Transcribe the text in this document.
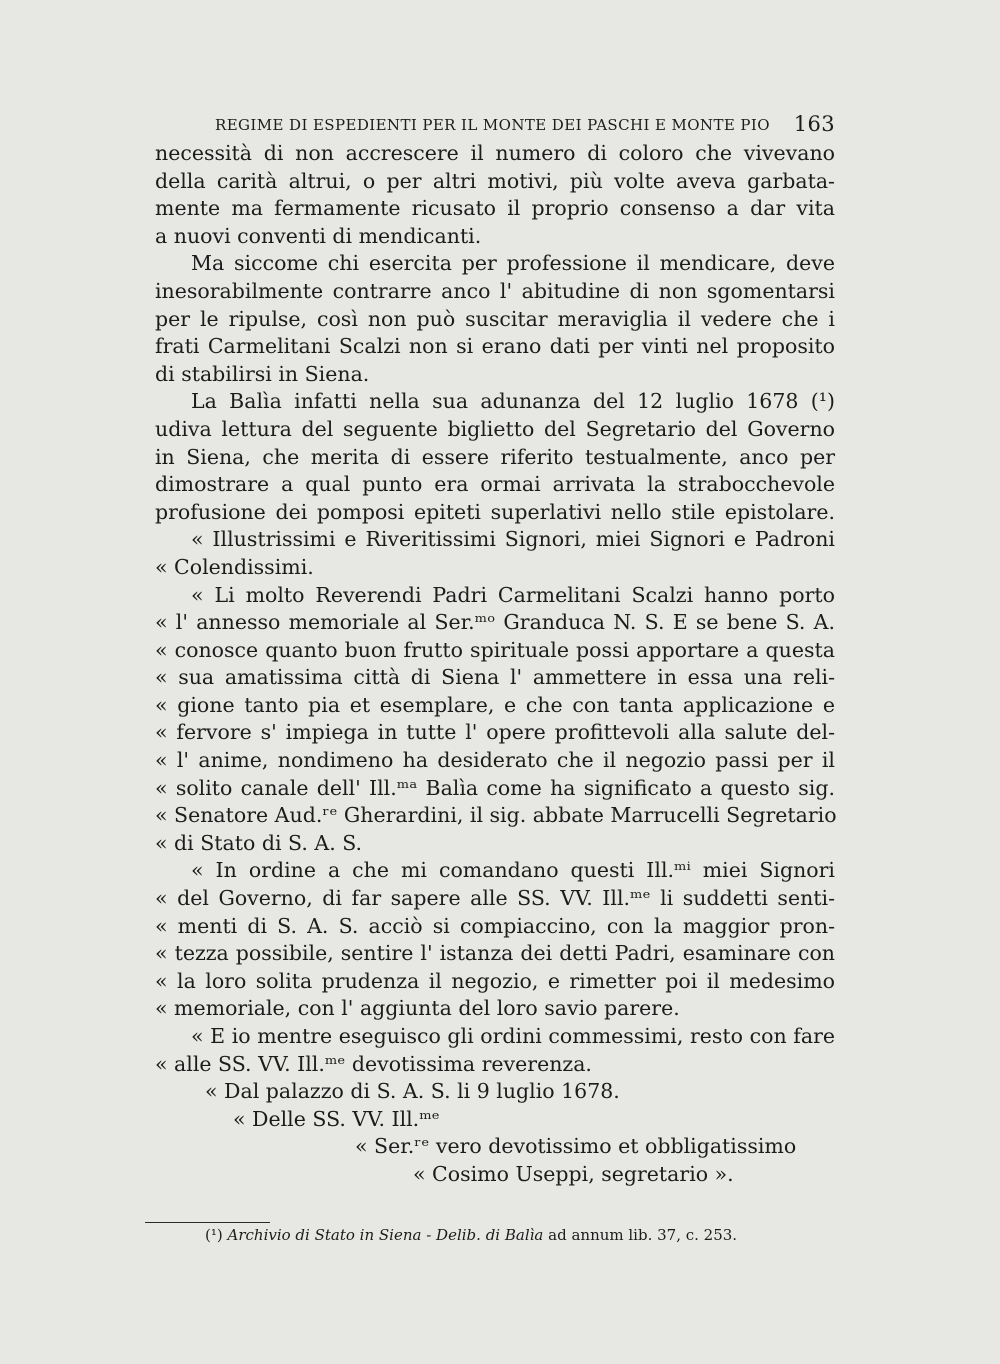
REGIME DI ESPEDIENTI PER IL MONTE DEI PASCHI E MONTE PIO 163
necessità di non accrescere il numero di coloro che vivevano
della carità altrui, o per altri motivi, più volte aveva garbata-
mente ma fermamente ricusato il proprio consenso a dar vita
a nuovi conventi di mendicanti.
Ma siccome chi esercita per professione il mendicare, deve
inesorabilmente contrarre anco l' abitudine di non sgomentarsi
per le ripulse, così non può suscitar meraviglia il vedere che i
frati Carmelitani Scalzi non si erano dati per vinti nel proposito
di stabilirsi in Siena.
La Balìa infatti nella sua adunanza del 12 luglio 1678 (¹)
udiva lettura del seguente biglietto del Segretario del Governo
in Siena, che merita di essere riferito testualmente, anco per
dimostrare a qual punto era ormai arrivata la strabocchevole
profusione dei pomposi epiteti superlativi nello stile epistolare.
« Illustrissimi e Riveritissimi Signori, miei Signori e Padroni
« Colendissimi.
« Li molto Reverendi Padri Carmelitani Scalzi hanno porto
« l' annesso memoriale al Ser.ᵐᵒ Granduca N. S. E se bene S. A.
« conosce quanto buon frutto spirituale possi apportare a questa
« sua amatissima città di Siena l' ammettere in essa una reli-
« gione tanto pia et esemplare, e che con tanta applicazione e
« fervore s' impiega in tutte l' opere profittevoli alla salute del-
« l' anime, nondimeno ha desiderato che il negozio passi per il
« solito canale dell' Ill.ᵐᵃ Balìa come ha significato a questo sig.
« Senatore Aud.ʳᵉ Gherardini, il sig. abbate Marrucelli Segretario
« di Stato di S. A. S.
« In ordine a che mi comandano questi Ill.ᵐⁱ miei Signori
« del Governo, di far sapere alle SS. VV. Ill.ᵐᵉ li suddetti senti-
« menti di S. A. S. acciò si compiaccino, con la maggior pron-
« tezza possibile, sentire l' istanza dei detti Padri, esaminare con
« la loro solita prudenza il negozio, e rimetter poi il medesimo
« memoriale, con l' aggiunta del loro savio parere.
« E io mentre eseguisco gli ordini commessimi, resto con fare
« alle SS. VV. Ill.ᵐᵉ devotissima reverenza.
« Dal palazzo di S. A. S. li 9 luglio 1678.
« Delle SS. VV. Ill.ᵐᵉ
« Ser.ʳᵉ vero devotissimo et obbligatissimo
« Cosimo Useppi, segretario ».
(¹) Archivio di Stato in Siena - Delib. di Balìa ad annum lib. 37, c. 253.
